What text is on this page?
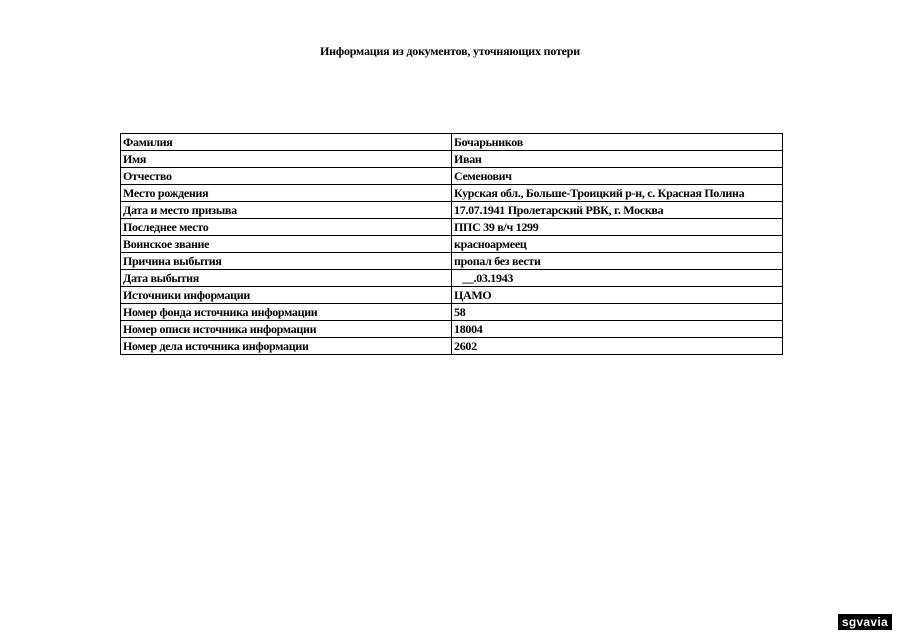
Информация из документов, уточняющих потери
Фамилия	Бочарьников
Имя	Иван
Отчество	Семенович
Место рождения	Курская обл., Больше-Троицкий р-н, с. Красная Полина
Дата и место призыва	17.07.1941 Пролетарский РВК, г. Москва
Последнее место	ППС 39 в/ч 1299
Воинское звание	красноармеец
Причина выбытия	пропал без вести
Дата выбытия	__.03.1943
Источники информации	ЦАМО
Номер фонда источника информации	58
Номер описи источника информации	18004
Номер дела источника информации	2602
sgvavia
